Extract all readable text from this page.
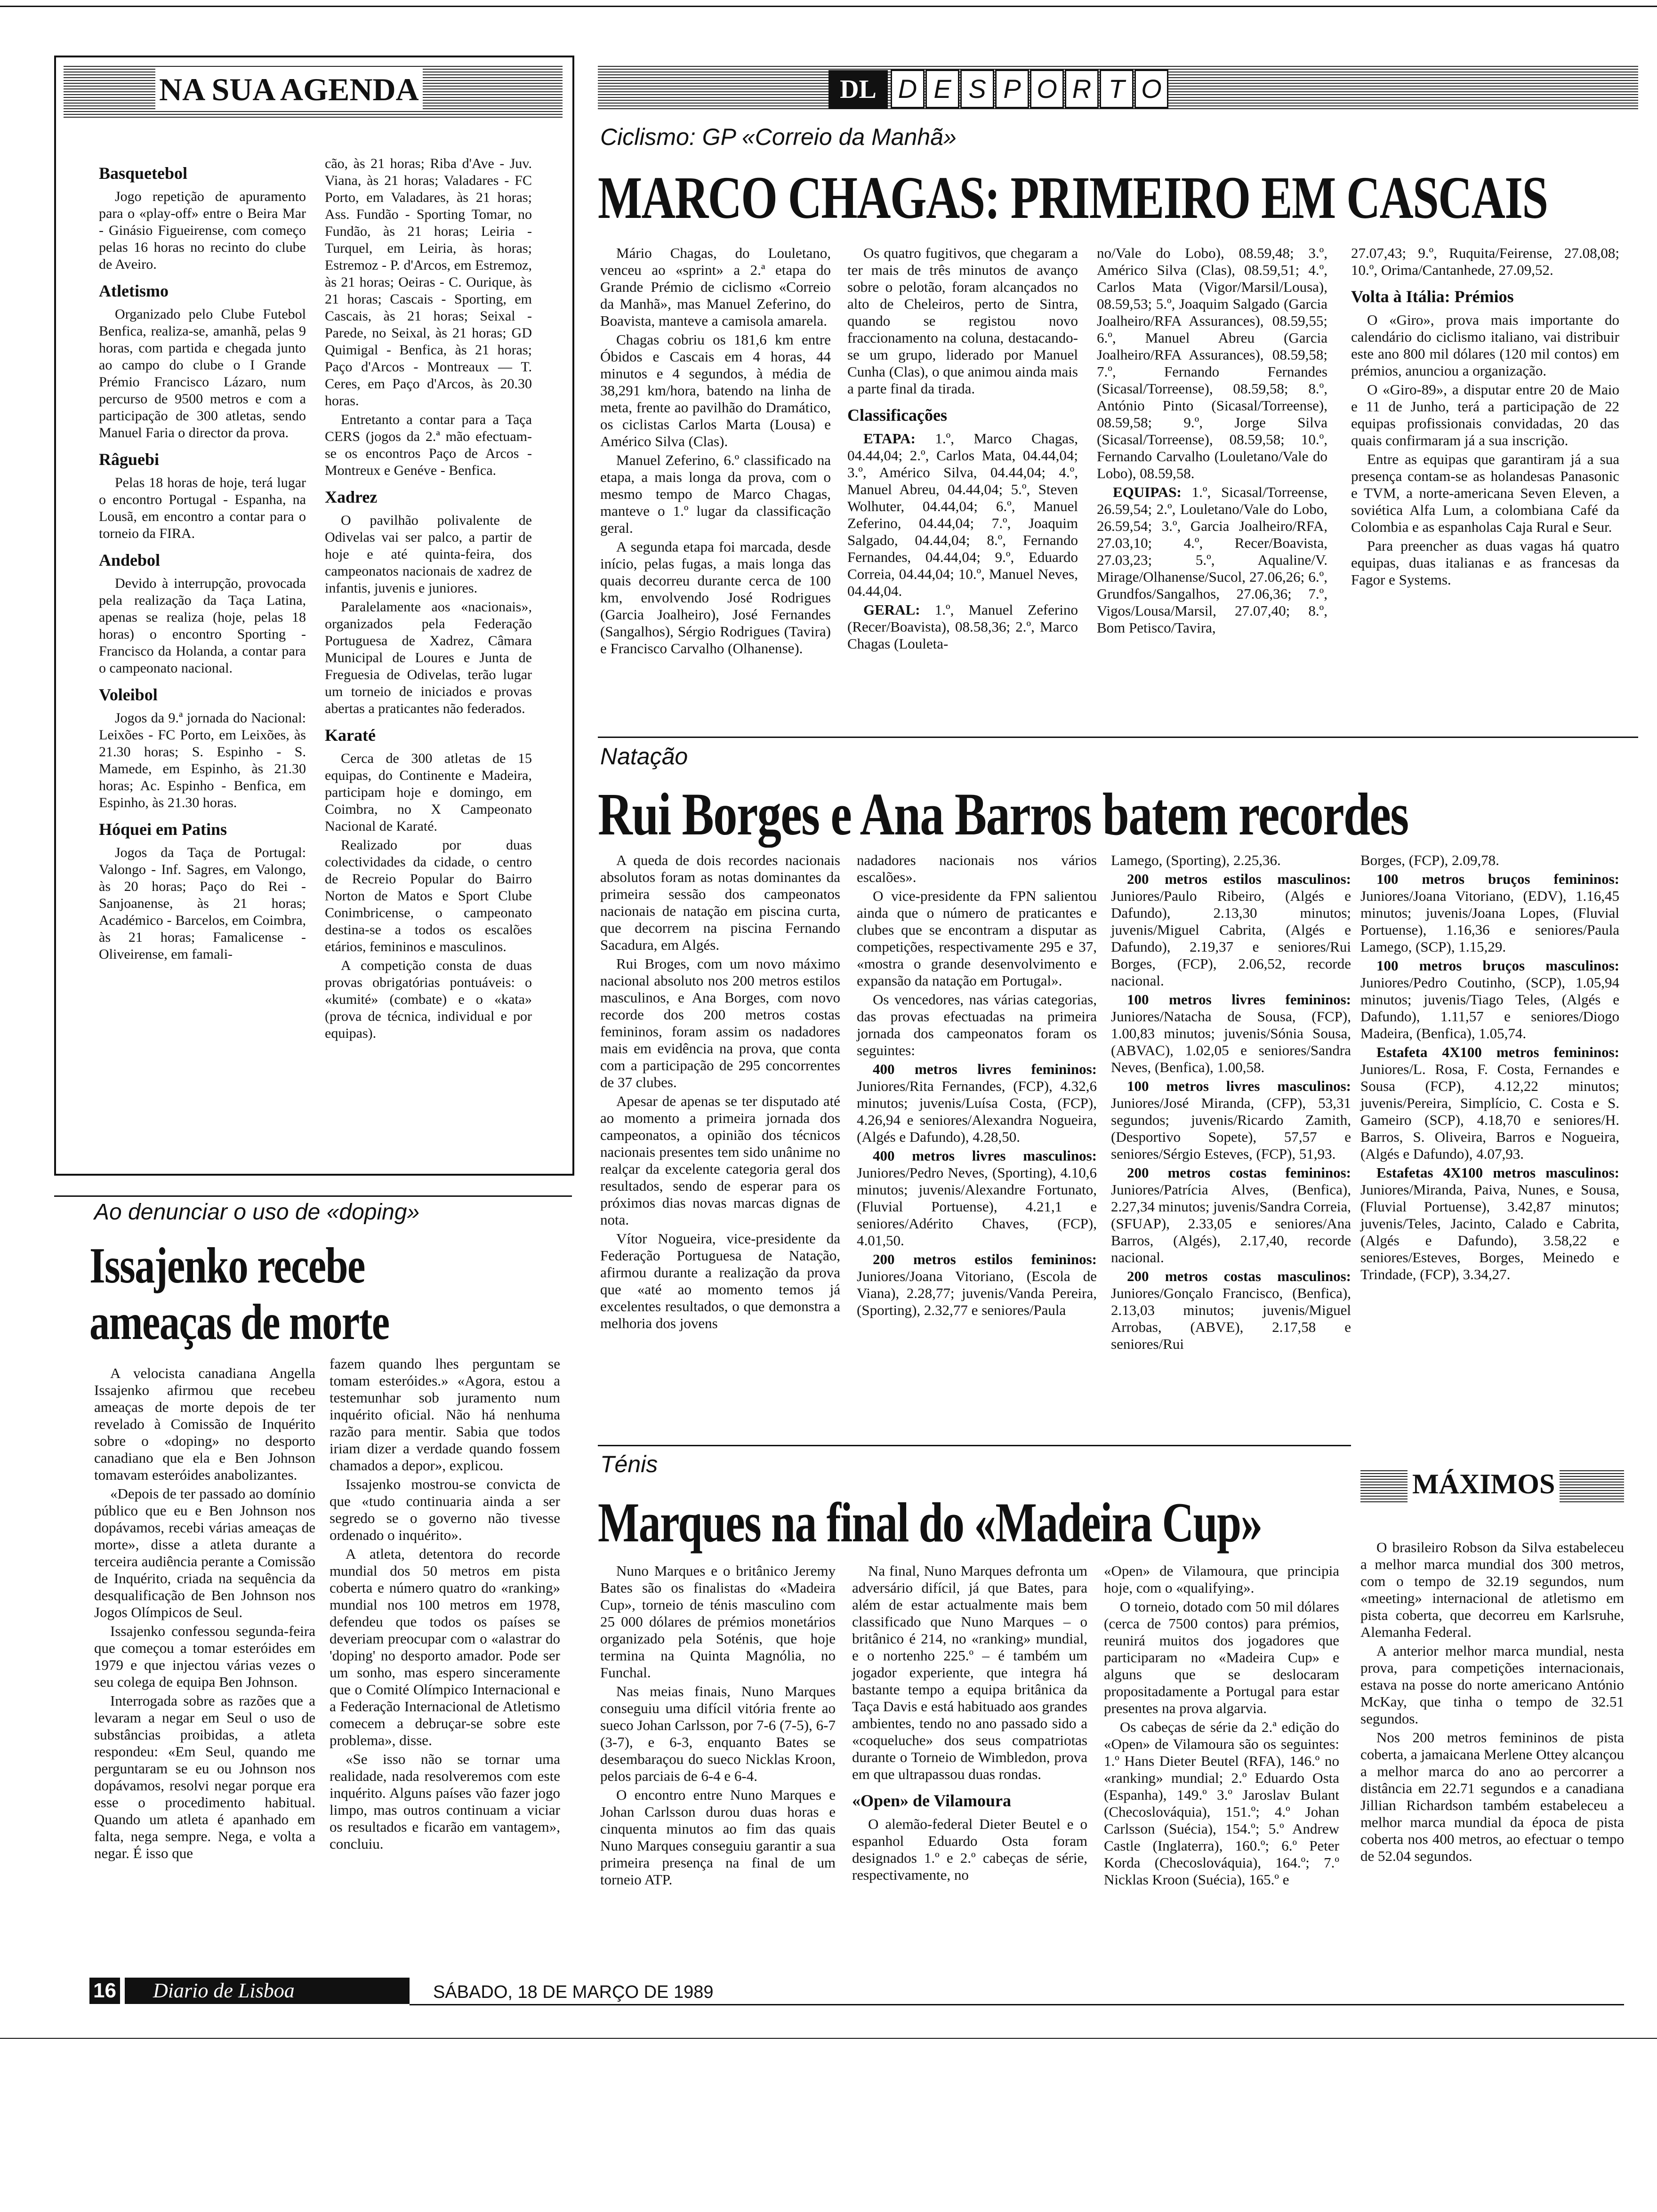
NA SUA AGENDA
Basquetebol

Jogo repetição de apuramento para o «play-off» entre o Beira Mar - Ginásio Figueirense, com começo pelas 16 horas no recinto do clube de Aveiro.

Atletismo

Organizado pelo Clube Futebol Benfica, realiza-se, amanhã, pelas 9 horas, com partida e chegada junto ao campo do clube o I Grande Prémio Francisco Lázaro, num percurso de 9500 metros e com a participação de 300 atletas, sendo Manuel Faria o director da prova.

Râguebi

Pelas 18 horas de hoje, terá lugar o encontro Portugal - Espanha, na Lousã, em encontro a contar para o torneio da FIRA.

Andebol

Devido à interrupção, provocada pela realização da Taça Latina, apenas se realiza (hoje, pelas 18 horas) o encontro Sporting - Francisco da Holanda, a contar para o campeonato nacional.

Voleibol

Jogos da 9.ª jornada do Nacional: Leixões - FC Porto, em Leixões, às 21.30 horas; S. Espinho - S. Mamede, em Espinho, às 21.30 horas; Ac. Espinho - Benfica, em Espinho, às 21.30 horas.

Hóquei em Patins

Jogos da Taça de Portugal: Valongo - Inf. Sagres, em Valongo, às 20 horas; Paço do Rei - Sanjoanense, às 21 horas; Académico - Barcelos, em Coimbra, às 21 horas; Famalicense - Oliveirense, em famali-

cão, às 21 horas; Riba d'Ave - Juv. Viana, às 21 horas; Valadares - FC Porto, em Valadares, às 21 horas; Ass. Fundão - Sporting Tomar, no Fundão, às 21 horas; Leiria - Turquel, em Leiria, às horas; Estremoz - P. d'Arcos, em Estremoz, às 21 horas; Oeiras - C. Ourique, às 21 horas; Cascais - Sporting, em Cascais, às 21 horas; Seixal - Parede, no Seixal, às 21 horas; GD Quimigal - Benfica, às 21 horas; Paço d'Arcos - Montreaux — T. Ceres, em Paço d'Arcos, às 20.30 horas.

Entretanto a contar para a Taça CERS (jogos da 2.ª mão efectuam-se os encontros Paço de Arcos - Montreux e Genéve - Benfica.

Xadrez

O pavilhão polivalente de Odivelas vai ser palco, a partir de hoje e até quinta-feira, dos campeonatos nacionais de xadrez de infantis, juvenis e juniores.

Paralelamente aos «nacionais», organizados pela Federação Portuguesa de Xadrez, Câmara Municipal de Loures e Junta de Freguesia de Odivelas, terão lugar um torneio de iniciados e provas abertas a praticantes não federados.

Karaté

Cerca de 300 atletas de 15 equipas, do Continente e Madeira, participam hoje e domingo, em Coimbra, no X Campeonato Nacional de Karaté.

Realizado por duas colectividades da cidade, o centro de Recreio Popular do Bairro Norton de Matos e Sport Clube Conimbricense, o campeonato destina-se a todos os escalões etários, femininos e masculinos.

A competição consta de duas provas obrigatórias pontuáveis: o «kumité» (combate) e o «kata» (prova de técnica, individual e por equipas).

DL D E S P O R T O
Ciclismo: GP «Correio da Manhã»
MARCO CHAGAS: PRIMEIRO EM CASCAIS

Mário Chagas, do Louletano, venceu ao «sprint» a 2.ª etapa do Grande Prémio de ciclismo «Correio da Manhã», mas Manuel Zeferino, do Boavista, manteve a camisola amarela.

Chagas cobriu os 181,6 km entre Óbidos e Cascais em 4 horas, 44 minutos e 4 segundos, à média de 38,291 km/hora, batendo na linha de meta, frente ao pavilhão do Dramático, os ciclistas Carlos Marta (Lousa) e Américo Silva (Clas).

Manuel Zeferino, 6.º classificado na etapa, a mais longa da prova, com o mesmo tempo de Marco Chagas, manteve o 1.º lugar da classificação geral.

A segunda etapa foi marcada, desde início, pelas fugas, a mais longa das quais decorreu durante cerca de 100 km, envolvendo José Rodrigues (Garcia Joalheiro), José Fernandes (Sangalhos), Sérgio Rodrigues (Tavira) e Francisco Carvalho (Olhanense).

Os quatro fugitivos, que chegaram a ter mais de três minutos de avanço sobre o pelotão, foram alcançados no alto de Cheleiros, perto de Sintra, quando se registou novo fraccionamento na coluna, destacando-se um grupo, liderado por Manuel Cunha (Clas), o que animou ainda mais a parte final da tirada.

Classificações

ETAPA: 1.º, Marco Chagas, 04.44,04; 2.º, Carlos Mata, 04.44,04; 3.º, Américo Silva, 04.44,04; 4.º, Manuel Abreu, 04.44,04; 5.º, Steven Wolhuter, 04.44,04; 6.º, Manuel Zeferino, 04.44,04; 7.º, Joaquim Salgado, 04.44,04; 8.º, Fernando Fernandes, 04.44,04; 9.º, Eduardo Correia, 04.44,04; 10.º, Manuel Neves, 04.44,04.

GERAL: 1.º, Manuel Zeferino (Recer/Boavista), 08.58,36; 2.º, Marco Chagas (Louleta-

no/Vale do Lobo), 08.59,48; 3.º, Américo Silva (Clas), 08.59,51; 4.º, Carlos Mata (Vigor/Marsil/Lousa), 08.59,53; 5.º, Joaquim Salgado (Garcia Joalheiro/RFA Assurances), 08.59,55; 6.º, Manuel Abreu (Garcia Joalheiro/RFA Assurances), 08.59,58; 7.º, Fernando Fernandes (Sicasal/Torreense), 08.59,58; 8.º, António Pinto (Sicasal/Torreense), 08.59,58; 9.º, Jorge Silva (Sicasal/Torreense), 08.59,58; 10.º, Fernando Carvalho (Louletano/Vale do Lobo), 08.59,58.

EQUIPAS: 1.º, Sicasal/Torreense, 26.59,54; 2.º, Louletano/Vale do Lobo, 26.59,54; 3.º, Garcia Joalheiro/RFA, 27.03,10; 4.º, Recer/Boavista, 27.03,23; 5.º, Aqualine/V. Mirage/Olhanense/Sucol, 27.06,26; 6.º, Grundfos/Sangalhos, 27.06,36; 7.º, Vigos/Lousa/Marsil, 27.07,40; 8.º, Bom Petisco/Tavira,

27.07,43; 9.º, Ruquita/Feirense, 27.08,08; 10.º, Orima/Cantanhede, 27.09,52.

Volta à Itália: Prémios

O «Giro», prova mais importante do calendário do ciclismo italiano, vai distribuir este ano 800 mil dólares (120 mil contos) em prémios, anunciou a organização.

O «Giro-89», a disputar entre 20 de Maio e 11 de Junho, terá a participação de 22 equipas profissionais convidadas, 20 das quais confirmaram já a sua inscrição.

Entre as equipas que garantiram já a sua presença contam-se as holandesas Panasonic e TVM, a norte-americana Seven Eleven, a soviética Alfa Lum, a colombiana Café da Colombia e as espanholas Caja Rural e Seur.

Para preencher as duas vagas há quatro equipas, duas italianas e as francesas da Fagor e Systems.

Natação
Rui Borges e Ana Barros batem recordes

A queda de dois recordes nacionais absolutos foram as notas dominantes da primeira sessão dos campeonatos nacionais de natação em piscina curta, que decorrem na piscina Fernando Sacadura, em Algés.

Rui Broges, com um novo máximo nacional absoluto nos 200 metros estilos masculinos, e Ana Borges, com novo recorde dos 200 metros costas femininos, foram assim os nadadores mais em evidência na prova, que conta com a participação de 295 concorrentes de 37 clubes.

Apesar de apenas se ter disputado até ao momento a primeira jornada dos campeonatos, a opinião dos técnicos nacionais presentes tem sido unânime no realçar da excelente categoria geral dos resultados, sendo de esperar para os próximos dias novas marcas dignas de nota.

Vítor Nogueira, vice-presidente da Federação Portuguesa de Natação, afirmou durante a realização da prova que «até ao momento temos já excelentes resultados, o que demonstra a melhoria dos jovens

nadadores nacionais nos vários escalões».

O vice-presidente da FPN salientou ainda que o número de praticantes e clubes que se encontram a disputar as competições, respectivamente 295 e 37, «mostra o grande desenvolvimento e expansão da natação em Portugal».

Os vencedores, nas várias categorias, das provas efectuadas na primeira jornada dos campeonatos foram os seguintes:

400 metros livres femininos: Juniores/Rita Fernandes, (FCP), 4.32,6 minutos; juvenis/Luísa Costa, (FCP), 4.26,94 e seniores/Alexandra Nogueira, (Algés e Dafundo), 4.28,50.

400 metros livres masculinos: Juniores/Pedro Neves, (Sporting), 4.10,6 minutos; juvenis/Alexandre Fortunato, (Fluvial Portuense), 4.21,1 e seniores/Adérito Chaves, (FCP), 4.01,50.

200 metros estilos femininos: Juniores/Joana Vitoriano, (Escola de Viana), 2.28,77; juvenis/Vanda Pereira, (Sporting), 2.32,77 e seniores/Paula

Lamego, (Sporting), 2.25,36.

200 metros estilos masculinos: Juniores/Paulo Ribeiro, (Algés e Dafundo), 2.13,30 minutos; juvenis/Miguel Cabrita, (Algés e Dafundo), 2.19,37 e seniores/Rui Borges, (FCP), 2.06,52, recorde nacional.

100 metros livres femininos: Juniores/Natacha de Sousa, (FCP), 1.00,83 minutos; juvenis/Sónia Sousa, (ABVAC), 1.02,05 e seniores/Sandra Neves, (Benfica), 1.00,58.

100 metros livres masculinos: Juniores/José Miranda, (CFP), 53,31 segundos; juvenis/Ricardo Zamith, (Desportivo Sopete), 57,57 e seniores/Sérgio Esteves, (FCP), 51,93.

200 metros costas femininos: Juniores/Patrícia Alves, (Benfica), 2.27,34 minutos; juvenis/Sandra Correia, (SFUAP), 2.33,05 e seniores/Ana Barros, (Algés), 2.17,40, recorde nacional.

200 metros costas masculinos: Juniores/Gonçalo Francisco, (Benfica), 2.13,03 minutos; juvenis/Miguel Arrobas, (ABVE), 2.17,58 e seniores/Rui

Borges, (FCP), 2.09,78.

100 metros bruços femininos: Juniores/Joana Vitoriano, (EDV), 1.16,45 minutos; juvenis/Joana Lopes, (Fluvial Portuense), 1.16,36 e seniores/Paula Lamego, (SCP), 1.15,29.

100 metros bruços masculinos: Juniores/Pedro Coutinho, (SCP), 1.05,94 minutos; juvenis/Tiago Teles, (Algés e Dafundo), 1.11,57 e seniores/Diogo Madeira, (Benfica), 1.05,74.

Estafeta 4X100 metros femininos: Juniores/L. Rosa, F. Costa, Fernandes e Sousa (FCP), 4.12,22 minutos; juvenis/Pereira, Simplício, C. Costa e S. Gameiro (SCP), 4.18,70 e seniores/H. Barros, S. Oliveira, Barros e Nogueira, (Algés e Dafundo), 4.07,93.

Estafetas 4X100 metros masculinos: Juniores/Miranda, Paiva, Nunes, e Sousa, (Fluvial Portuense), 3.42,87 minutos; juvenis/Teles, Jacinto, Calado e Cabrita, (Algés e Dafundo), 3.58,22 e seniores/Esteves, Borges, Meinedo e Trindade, (FCP), 3.34,27.

Ao denunciar o uso de «doping»
Issajenko recebe
ameaças de morte

A velocista canadiana Angella Issajenko afirmou que recebeu ameaças de morte depois de ter revelado à Comissão de Inquérito sobre o «doping» no desporto canadiano que ela e Ben Johnson tomavam esteróides anabolizantes.

«Depois de ter passado ao domínio público que eu e Ben Johnson nos dopávamos, recebi várias ameaças de morte», disse a atleta durante a terceira audiência perante a Comissão de Inquérito, criada na sequência da desqualificação de Ben Johnson nos Jogos Olímpicos de Seul.

Issajenko confessou segunda-feira que começou a tomar esteróides em 1979 e que injectou várias vezes o seu colega de equipa Ben Johnson.

Interrogada sobre as razões que a levaram a negar em Seul o uso de substâncias proibidas, a atleta respondeu: «Em Seul, quando me perguntaram se eu ou Johnson nos dopávamos, resolvi negar porque era esse o procedimento habitual. Quando um atleta é apanhado em falta, nega sempre. Nega, e volta a negar. É isso que

fazem quando lhes perguntam se tomam esteróides.» «Agora, estou a testemunhar sob juramento num inquérito oficial. Não há nenhuma razão para mentir. Sabia que todos iriam dizer a verdade quando fossem chamados a depor», explicou.

Issajenko mostrou-se convicta de que «tudo continuaria ainda a ser segredo se o governo não tivesse ordenado o inquérito».

A atleta, detentora do recorde mundial dos 50 metros em pista coberta e número quatro do «ranking» mundial nos 100 metros em 1978, defendeu que todos os países se deveriam preocupar com o «alastrar do 'doping' no desporto amador. Pode ser um sonho, mas espero sinceramente que o Comité Olímpico Internacional e a Federação Internacional de Atletismo comecem a debruçar-se sobre este problema», disse.

«Se isso não se tornar uma realidade, nada resolveremos com este inquérito. Alguns países vão fazer jogo limpo, mas outros continuam a viciar os resultados e ficarão em vantagem», concluiu.

Ténis
Marques na final do «Madeira Cup»

Nuno Marques e o britânico Jeremy Bates são os finalistas do «Madeira Cup», torneio de ténis masculino com 25 000 dólares de prémios monetários organizado pela Soténis, que hoje termina na Quinta Magnólia, no Funchal.

Nas meias finais, Nuno Marques conseguiu uma difícil vitória frente ao sueco Johan Carlsson, por 7-6 (7-5), 6-7 (3-7), e 6-3, enquanto Bates se desembaraçou do sueco Nicklas Kroon, pelos parciais de 6-4 e 6-4.

O encontro entre Nuno Marques e Johan Carlsson durou duas horas e cinquenta minutos ao fim das quais Nuno Marques conseguiu garantir a sua primeira presença na final de um torneio ATP.

Na final, Nuno Marques defronta um adversário difícil, já que Bates, para além de estar actualmente mais bem classificado que Nuno Marques – o britânico é 214, no «ranking» mundial, e o nortenho 225.º – é também um jogador experiente, que integra há bastante tempo a equipa britânica da Taça Davis e está habituado aos grandes ambientes, tendo no ano passado sido a «coqueluche» dos seus compatriotas durante o Torneio de Wimbledon, prova em que ultrapassou duas rondas.

«Open» de Vilamoura

O alemão-federal Dieter Beutel e o espanhol Eduardo Osta foram designados 1.º e 2.º cabeças de série, respectivamente, no

«Open» de Vilamoura, que principia hoje, com o «qualifying».

O torneio, dotado com 50 mil dólares (cerca de 7500 contos) para prémios, reunirá muitos dos jogadores que participaram no «Madeira Cup» e alguns que se deslocaram propositadamente a Portugal para estar presentes na prova algarvia.

Os cabeças de série da 2.ª edição do «Open» de Vilamoura são os seguintes: 1.º Hans Dieter Beutel (RFA), 146.º no «ranking» mundial; 2.º Eduardo Osta (Espanha), 149.º 3.º Jaroslav Bulant (Checoslováquia), 151.º; 4.º Johan Carlsson (Suécia), 154.º; 5.º Andrew Castle (Inglaterra), 160.º; 6.º Peter Korda (Checoslováquia), 164.º; 7.º Nicklas Kroon (Suécia), 165.º e

MÁXIMOS

O brasileiro Robson da Silva estabeleceu a melhor marca mundial dos 300 metros, com o tempo de 32.19 segundos, num «meeting» internacional de atletismo em pista coberta, que decorreu em Karlsruhe, Alemanha Federal.

A anterior melhor marca mundial, nesta prova, para competições internacionais, estava na posse do norte americano António McKay, que tinha o tempo de 32.51 segundos.

Nos 200 metros femininos de pista coberta, a jamaicana Merlene Ottey alcançou a melhor marca do ano ao percorrer a distância em 22.71 segundos e a canadiana Jillian Richardson também estabeleceu a melhor marca mundial da época de pista coberta nos 400 metros, ao efectuar o tempo de 52.04 segundos.

16	Diario de Lisboa	SÁBADO, 18 DE MARÇO DE 1989
